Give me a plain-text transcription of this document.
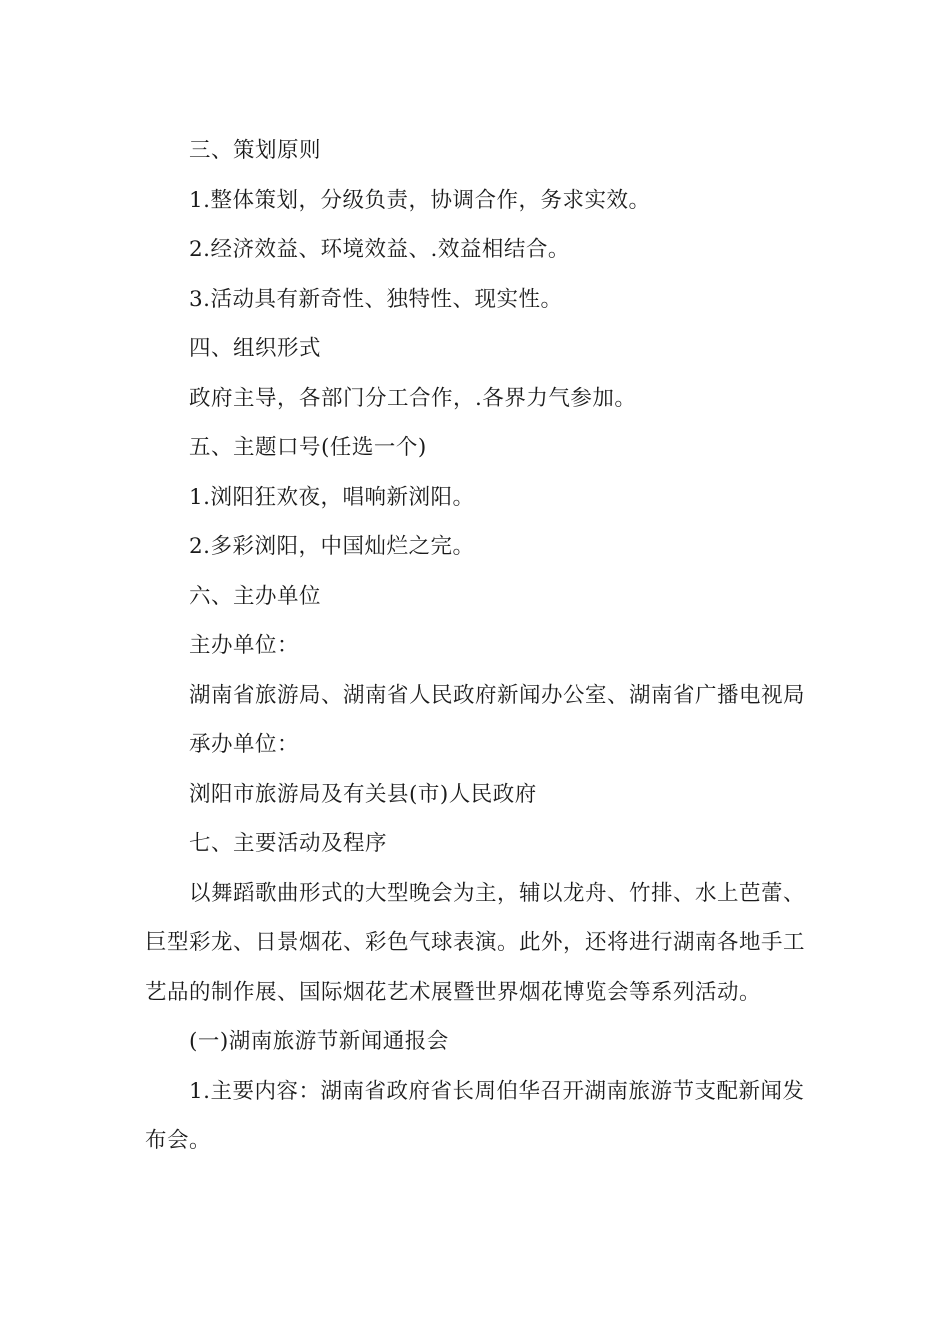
三、策划原则

1.整体策划，分级负责，协调合作，务求实效。

2.经济效益、环境效益、.效益相结合。

3.活动具有新奇性、独特性、现实性。

四、组织形式

政府主导，各部门分工合作，.各界力气参加。

五、主题口号(任选一个)

1.浏阳狂欢夜，唱响新浏阳。

2.多彩浏阳，中国灿烂之完。

六、主办单位

主办单位：

湖南省旅游局、湖南省人民政府新闻办公室、湖南省广播电视局

承办单位：

浏阳市旅游局及有关县(市)人民政府

七、主要活动及程序

以舞蹈歌曲形式的大型晚会为主，辅以龙舟、竹排、水上芭蕾、巨型彩龙、日景烟花、彩色气球表演。此外，还将进行湖南各地手工艺品的制作展、国际烟花艺术展暨世界烟花博览会等系列活动。

(一)湖南旅游节新闻通报会

1.主要内容：湖南省政府省长周伯华召开湖南旅游节支配新闻发布会。
